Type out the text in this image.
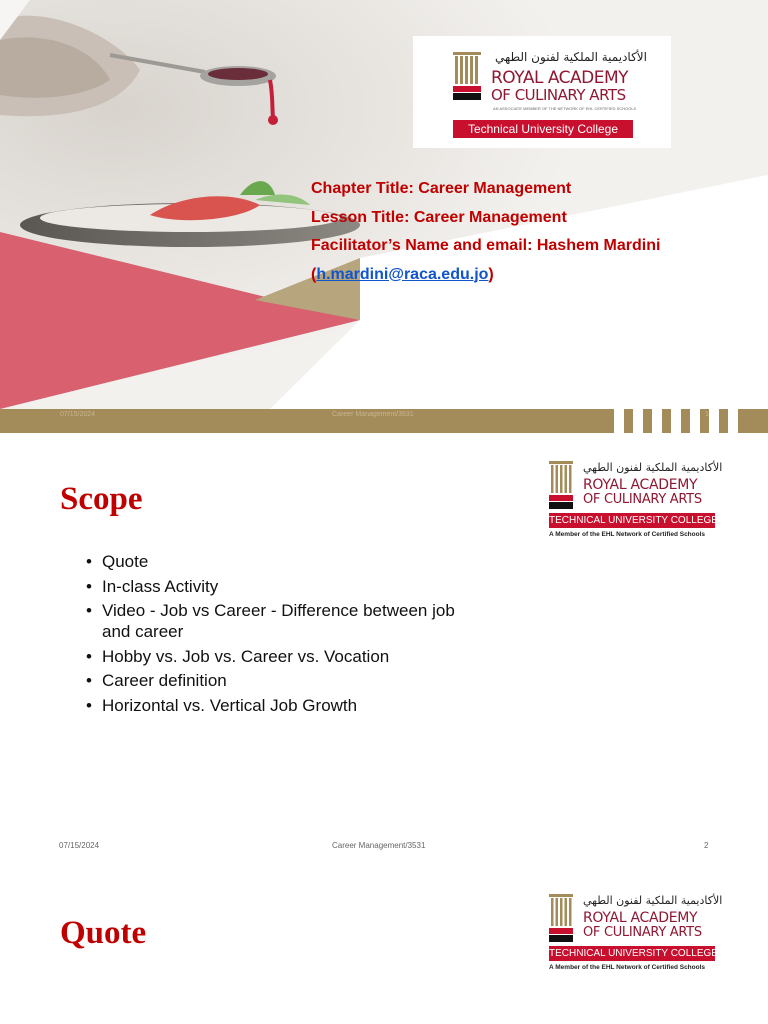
الأكاديمية الملكية لفنون الطهي
ROYAL ACADEMY
OF CULINARY ARTS
AN ASSOCIATE MEMBER OF THE NETWORK OF EHL CERTIFIED SCHOOLS
Technical University College
Chapter Title: Career Management
Lesson Title: Career Management
Facilitator’s Name and email: Hashem Mardini
(h.mardini@raca.edu.jo)
07/15/2024	Career Management/3531	1
الأكاديمية الملكية لفنون الطهي
ROYAL ACADEMY
OF CULINARY ARTS
TECHNICAL UNIVERSITY COLLEGE
A Member of the EHL Network of Certified Schools
Scope
• Quote
• In-class Activity
• Video - Job vs Career - Difference between job and career
• Hobby vs. Job vs. Career vs. Vocation
• Career definition
• Horizontal vs. Vertical Job Growth
07/15/2024	Career Management/3531	2
الأكاديمية الملكية لفنون الطهي
ROYAL ACADEMY
OF CULINARY ARTS
TECHNICAL UNIVERSITY COLLEGE
A Member of the EHL Network of Certified Schools
Quote
